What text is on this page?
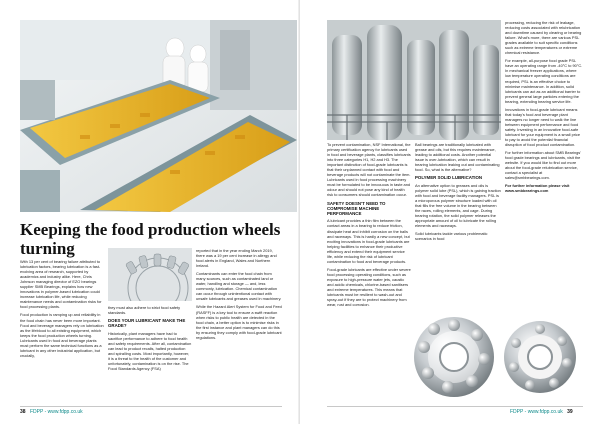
Keeping the food production wheels turning

With 13 per cent of bearing failure attributed to lubrication factors, bearing lubrication is a fast-evolving area of research, supported by academics and industry alike. Here, Chris Johnson managing director of EZO bearings supplier SMB Bearings, explains how new innovations in polymer-based lubrication could increase lubrication life, while reducing maintenance needs and contamination risks for food processing plants.

Food production is ramping up and reliability in the food chain has never been more important. Food and beverage managers rely on lubrication as the lifeblood to all existing equipment, which keeps the food production wheels turning. Lubricants used in food and beverage plants must perform the same technical functions as a lubricant in any other industrial application, but crucially,

they must also adhere to strict food safety standards.

DOES YOUR LUBRICANT MAKE THE GRADE?

Historically, plant managers have had to sacrifice performance to adhere to food health and safety requirements. After all, contamination can lead to product recalls, halted production and spiralling costs. Most importantly, however, it is a threat to the health of the customer and unfortunately, contamination is on the rise. The Food Standards Agency (FSA)

reported that in the year ending March 2019, there was a 19 per cent increase in allergy and food alerts in England, Wales and Northern Ireland.

Contaminants can enter the food chain from many sources, such as contaminated land or water, handling and storage — and, less commonly, lubrication. Chemical contamination can occur through unintentional contact with unsafe lubricants and greases used in machinery.

While the Hazard Alert System for Food and Feed (RASFF) is a key tool to ensure a swift reaction when risks to public health are detected in the food chain, a better option is to minimise risks in the first instance and plant managers can do this by ensuring they comply with food-grade lubricant regulations.

38 FDPP - www.fdpp.co.uk

To prevent contamination, NSF International, the primary certification agency for lubricants used in food and beverage plants, classifies lubricants into three categories H1, H2 and H3. The important distinction of food-grade lubricants is that their unplanned contact with food and beverage products will not contaminate the item. Lubricants used in food processing machinery must be formulated to be innocuous in taste and odour and should not pose any kind of health risk to consumers should contamination occur.

SAFETY DOESN'T NEED TO COMPROMISE MACHINE PERFORMANCE

A lubricant provides a thin film between the contact areas in a bearing to reduce friction, dissipate heat and inhibit corrosion on the balls and raceways. This is hardly a new concept, but exciting innovations in food-grade lubricants are helping facilities to enhance their productive efficiency and extend their equipment service life, while reducing the risk of lubricant contamination to food and beverage products.

Food-grade lubricants are effective under severe food processing operating conditions, such as exposure to high-pressure water jets, caustic and acidic chemicals, chlorine-based sanitisers and extreme temperatures. This means that lubricants must be resilient to wash-out and spray-out if they are to protect machinery from wear, rust and corrosion.

Ball bearings are traditionally lubricated with grease and oils, but this requires maintenance, leading to additional costs. Another potential issue is over-lubrication, which can result in bearing lubrication leaking out and contaminating food. So, what is the alternative?

POLYMER SOLID LUBRICATION

An alternative option to greases and oils is polymer solid lube (PSL), which is gaining traction with food and beverage facility managers. PSL is a microporous polymer structure loaded with oil that fills the free volume in the bearing between the races, rolling elements, and cage. During bearing rotation, the solid polymer releases the appropriate amount of oil to lubricate the rolling elements and raceways.

Solid lubricants tackle various problematic scenarios in food

processing, reducing the risk of leakage, reducing costs associated with relubrication and downtime caused by clearing or bearing failure. What's more, there are various PSL grades available to suit specific conditions such as extreme temperatures or extreme chemical resistance.

For example, all-purpose food grade PSL have an operating range from -40°C to 90°C. In mechanical freezer applications, where low temperature operating conditions are required, PSL is an effective choice to minimise maintenance. In addition, solid lubricants can act as an additional barrier to prevent general large particles entering the bearing, extending bearing service life.

Innovations in food-grade lubricant means that today's food and beverage plant managers no longer need to walk the line between equipment performance and food safety. Investing in an innovative food-safe lubricant for your equipment is a small price to pay to avoid the potential financial disruption of food product contamination.

For further information about SMB Bearings' food grade bearings and lubricants, visit the website. If you would like to find out more about the food-grade relubrication service, contact a specialist at sales@smbbearings.com.

For further information please visit www.smbbearings.com

FDPP - www.fdpp.co.uk 39
